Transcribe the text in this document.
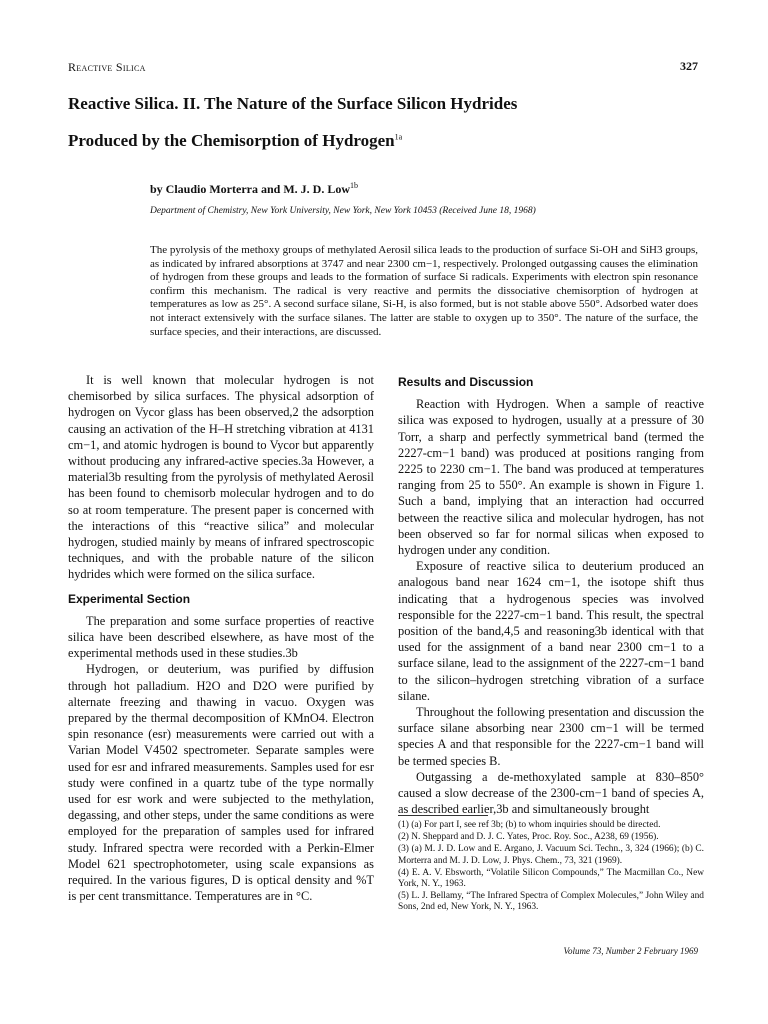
Reactive Silica	327
Reactive Silica. II. The Nature of the Surface Silicon Hydrides
Produced by the Chemisorption of Hydrogen$^{1a}$
by Claudio Morterra and M. J. D. Low$^{1b}$
Department of Chemistry, New York University, New York, New York 10453 (Received June 18, 1968)

The pyrolysis of the methoxy groups of methylated Aerosil silica leads to the production of surface Si-OH and SiH3 groups, as indicated by infrared absorptions at 3747 and near 2300 cm−1, respectively. Prolonged outgassing causes the elimination of hydrogen from these groups and leads to the formation of surface Si radicals. Experiments with electron spin resonance confirm this mechanism. The radical is very reactive and permits the dissociative chemisorption of hydrogen at temperatures as low as 25°. A second surface silane, Si-H, is also formed, but is not stable above 550°. Adsorbed water does not interact extensively with the surface silanes. The latter are stable to oxygen up to 350°. The nature of the surface, the surface species, and their interactions, are discussed.

It is well known that molecular hydrogen is not chemisorbed by silica surfaces. The physical adsorption of hydrogen on Vycor glass has been observed,2 the adsorption causing an activation of the H–H stretching vibration at 4131 cm−1, and atomic hydrogen is bound to Vycor but apparently without producing any infrared-active species.3a However, a material3b resulting from the pyrolysis of methylated Aerosil has been found to chemisorb molecular hydrogen and to do so at room temperature. The present paper is concerned with the interactions of this “reactive silica” and molecular hydrogen, studied mainly by means of infrared spectroscopic techniques, and with the probable nature of the silicon hydrides which were formed on the silica surface.

Experimental Section

The preparation and some surface properties of reactive silica have been described elsewhere, as have most of the experimental methods used in these studies.3b

Hydrogen, or deuterium, was purified by diffusion through hot palladium. H2O and D2O were purified by alternate freezing and thawing in vacuo. Oxygen was prepared by the thermal decomposition of KMnO4. Electron spin resonance (esr) measurements were carried out with a Varian Model V4502 spectrometer. Separate samples were used for esr and infrared measurements. Samples used for esr study were confined in a quartz tube of the type normally used for esr work and were subjected to the methylation, degassing, and other steps, under the same conditions as were employed for the preparation of samples used for infrared study. Infrared spectra were recorded with a Perkin-Elmer Model 621 spectrophotometer, using scale expansions as required. In the various figures, D is optical density and %T is per cent transmittance. Temperatures are in °C.

Results and Discussion

Reaction with Hydrogen. When a sample of reactive silica was exposed to hydrogen, usually at a pressure of 30 Torr, a sharp and perfectly symmetrical band (termed the 2227-cm−1 band) was produced at positions ranging from 2225 to 2230 cm−1. The band was produced at temperatures ranging from 25 to 550°. An example is shown in Figure 1. Such a band, implying that an interaction had occurred between the reactive silica and molecular hydrogen, has not been observed so far for normal silicas when exposed to hydrogen under any condition.

Exposure of reactive silica to deuterium produced an analogous band near 1624 cm−1, the isotope shift thus indicating that a hydrogenous species was involved responsible for the 2227-cm−1 band. This result, the spectral position of the band,4,5 and reasoning3b identical with that used for the assignment of a band near 2300 cm−1 to a surface silane, lead to the assignment of the 2227-cm−1 band to the silicon–hydrogen stretching vibration of a surface silane.

Throughout the following presentation and discussion the surface silane absorbing near 2300 cm−1 will be termed species A and that responsible for the 2227-cm−1 band will be termed species B.

Outgassing a de-methoxylated sample at 830–850° caused a slow decrease of the 2300-cm−1 band of species A, as described earlier,3b and simultaneously brought

(1) (a) For part I, see ref 3b; (b) to whom inquiries should be directed.

(2) N. Sheppard and D. J. C. Yates, Proc. Roy. Soc., A238, 69 (1956).

(3) (a) M. J. D. Low and E. Argano, J. Vacuum Sci. Techn., 3, 324 (1966); (b) C. Morterra and M. J. D. Low, J. Phys. Chem., 73, 321 (1969).

(4) E. A. V. Ebsworth, “Volatile Silicon Compounds,” The Macmillan Co., New York, N. Y., 1963.

(5) L. J. Bellamy, “The Infrared Spectra of Complex Molecules,” John Wiley and Sons, 2nd ed, New York, N. Y., 1963.

Volume 73, Number 2 February 1969
